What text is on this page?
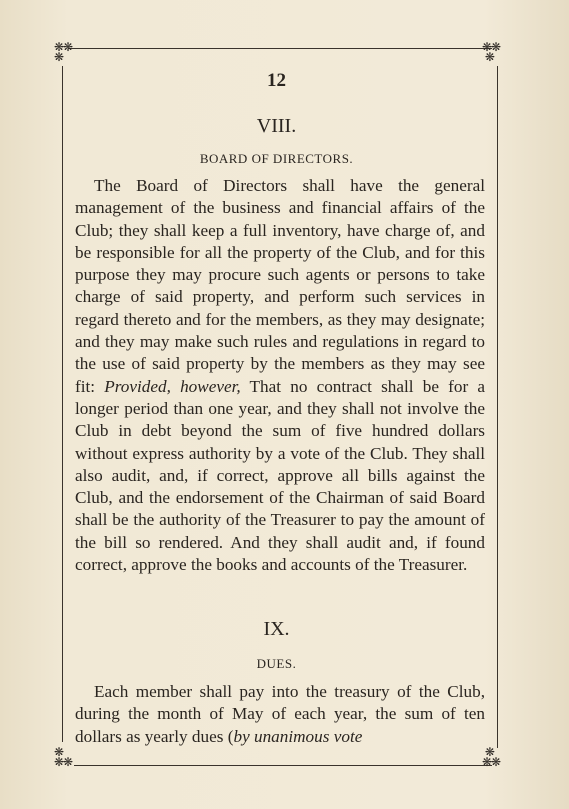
❋❋
❋
❋❋
❋
❋
❋❋
❋
❋❋
12
VIII.
BOARD OF DIRECTORS.
The Board of Directors shall have the general management of the business and financial affairs of the Club; they shall keep a full inventory, have charge of, and be responsible for all the property of the Club, and for this purpose they may procure such agents or persons to take charge of said property, and perform such services in regard thereto and for the members, as they may designate; and they may make such rules and regulations in regard to the use of said property by the members as they may see fit: Provided, however, That no contract shall be for a longer period than one year, and they shall not involve the Club in debt beyond the sum of five hundred dollars without express authority by a vote of the Club. They shall also audit, and, if correct, approve all bills against the Club, and the endorsement of the Chairman of said Board shall be the authority of the Treasurer to pay the amount of the bill so rendered. And they shall audit and, if found correct, approve the books and accounts of the Treasurer.
IX.
DUES.
Each member shall pay into the treasury of the Club, during the month of May of each year, the sum of ten dollars as yearly dues (by unanimous vote
